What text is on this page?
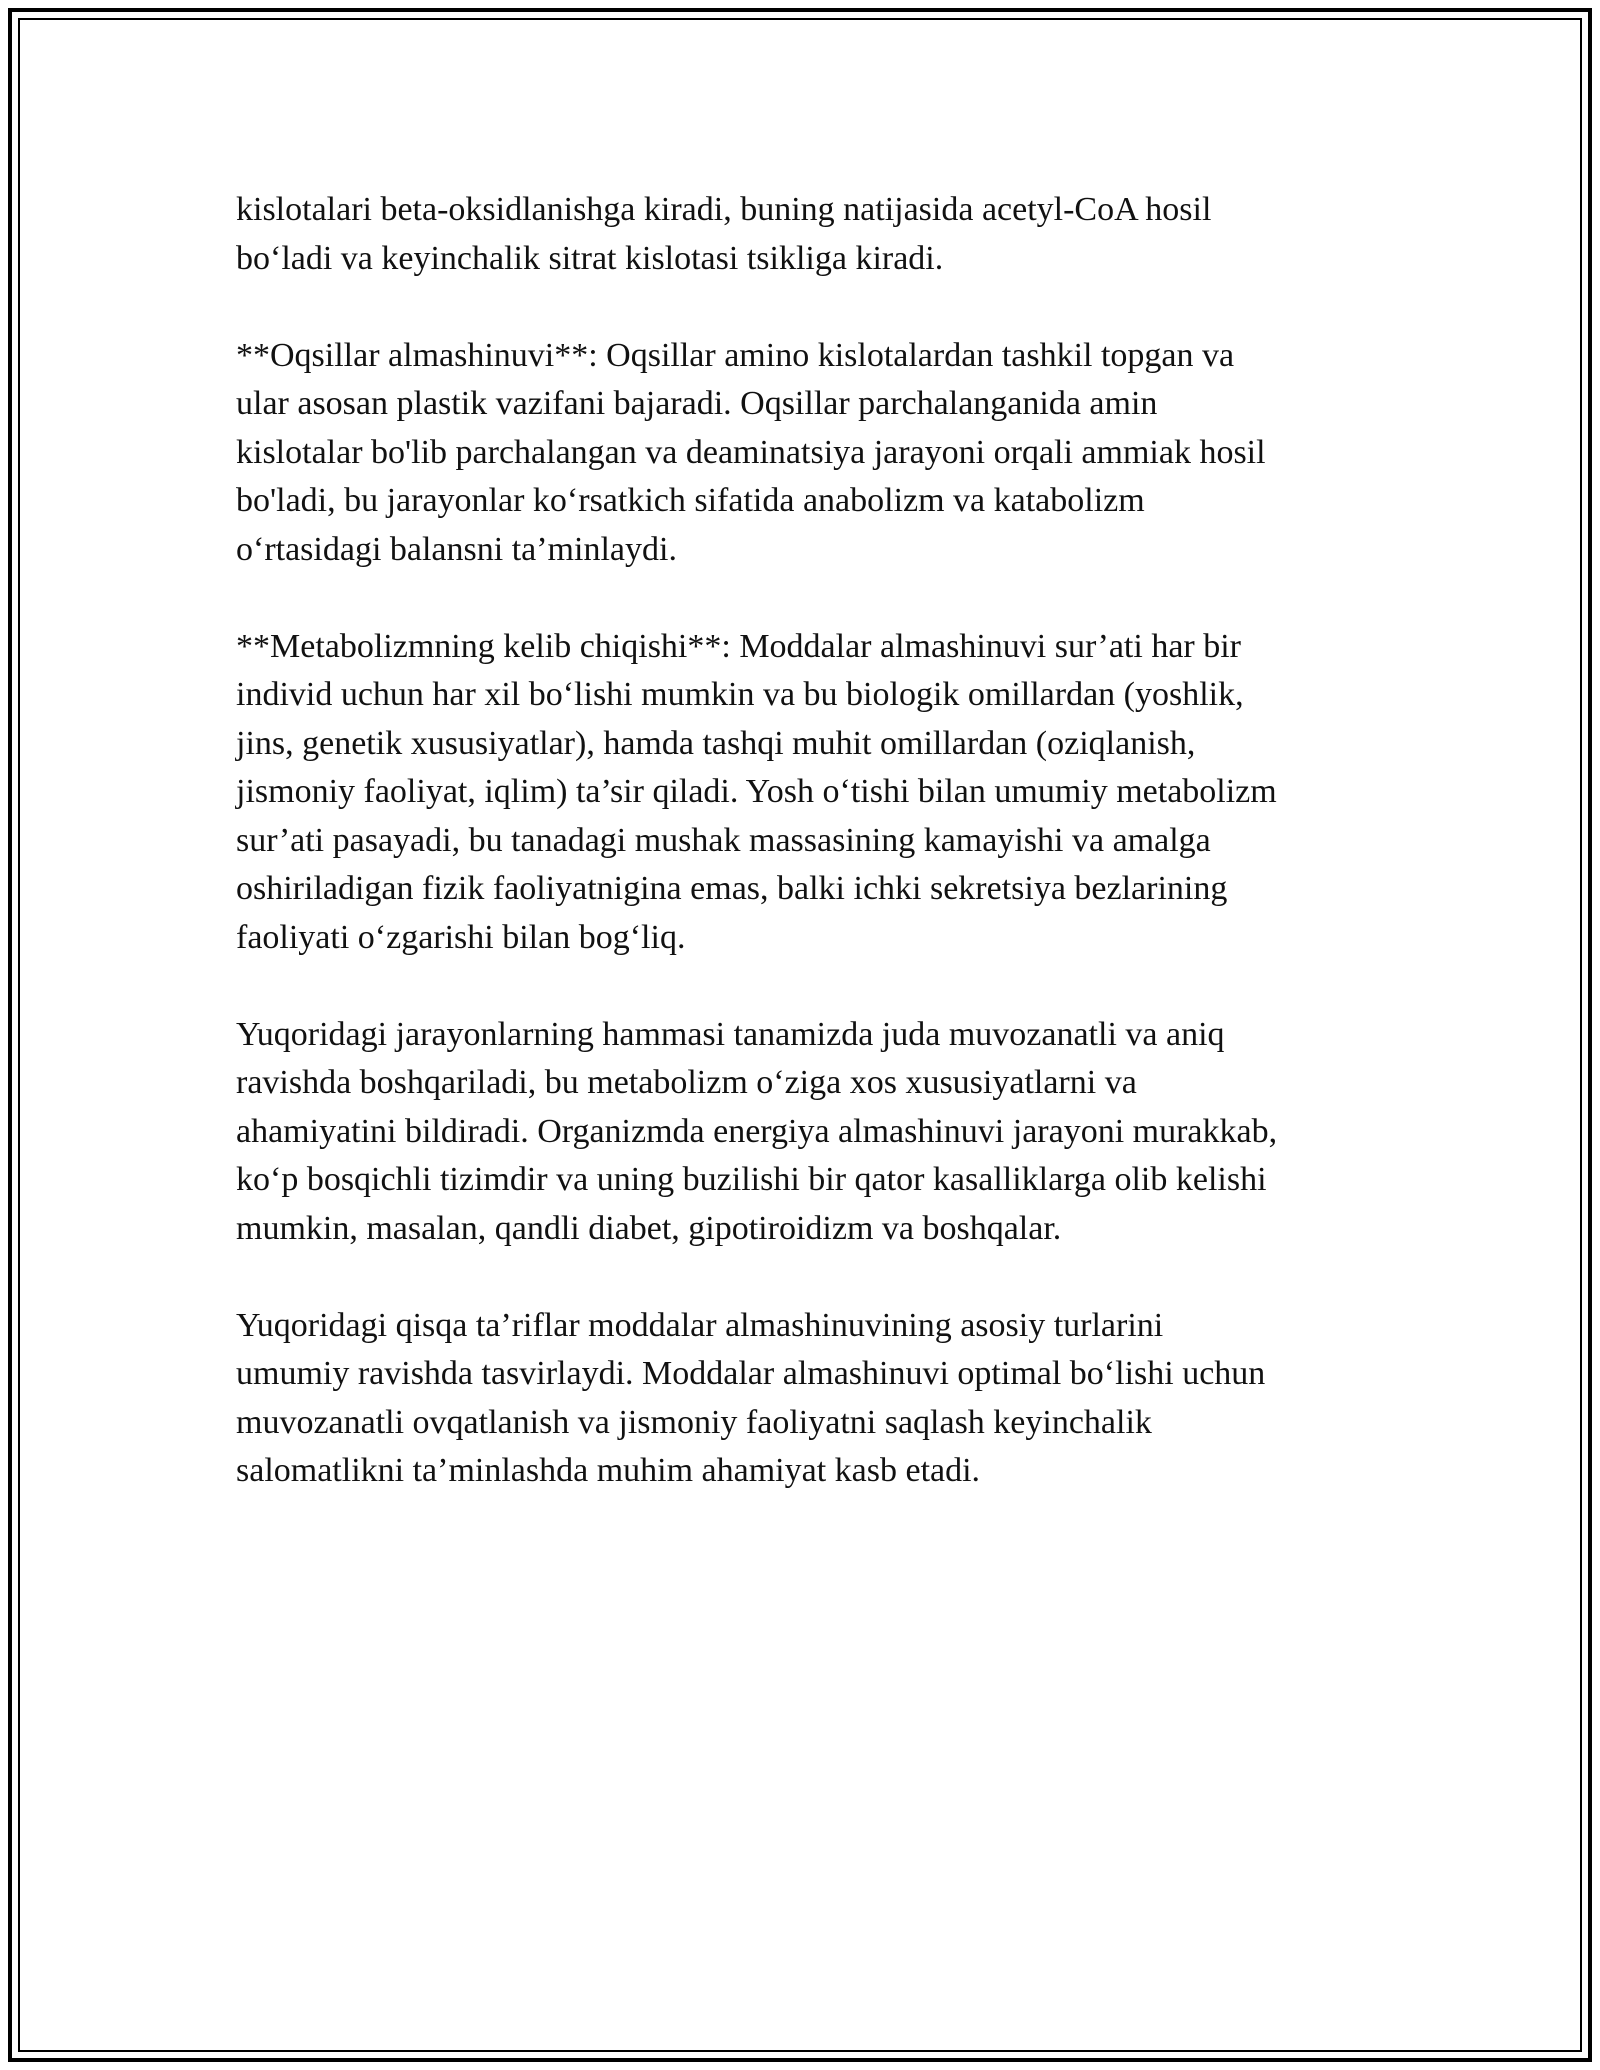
kislotalari beta-oksidlanishga kiradi, buning natijasida acetyl-CoA hosil
bo‘ladi va keyinchalik sitrat kislotasi tsikliga kiradi.

**Oqsillar almashinuvi**: Oqsillar amino kislotalardan tashkil topgan va
ular asosan plastik vazifani bajaradi. Oqsillar parchalanganida amin
kislotalar bo'lib parchalangan va deaminatsiya jarayoni orqali ammiak hosil
bo'ladi, bu jarayonlar ko‘rsatkich sifatida anabolizm va katabolizm
o‘rtasidagi balansni ta’minlaydi.

**Metabolizmning kelib chiqishi**: Moddalar almashinuvi sur’ati har bir
individ uchun har xil bo‘lishi mumkin va bu biologik omillardan (yoshlik,
jins, genetik xususiyatlar), hamda tashqi muhit omillardan (oziqlanish,
jismoniy faoliyat, iqlim) ta’sir qiladi. Yosh o‘tishi bilan umumiy metabolizm
sur’ati pasayadi, bu tanadagi mushak massasining kamayishi va amalga
oshiriladigan fizik faoliyatnigina emas, balki ichki sekretsiya bezlarining
faoliyati o‘zgarishi bilan bog‘liq.

Yuqoridagi jarayonlarning hammasi tanamizda juda muvozanatli va aniq
ravishda boshqariladi, bu metabolizm o‘ziga xos xususiyatlarni va
ahamiyatini bildiradi. Organizmda energiya almashinuvi jarayoni murakkab,
ko‘p bosqichli tizimdir va uning buzilishi bir qator kasalliklarga olib kelishi
mumkin, masalan, qandli diabet, gipotiroidizm va boshqalar.

Yuqoridagi qisqa ta’riflar moddalar almashinuvining asosiy turlarini
umumiy ravishda tasvirlaydi. Moddalar almashinuvi optimal bo‘lishi uchun
muvozanatli ovqatlanish va jismoniy faoliyatni saqlash keyinchalik
salomatlikni ta’minlashda muhim ahamiyat kasb etadi.
